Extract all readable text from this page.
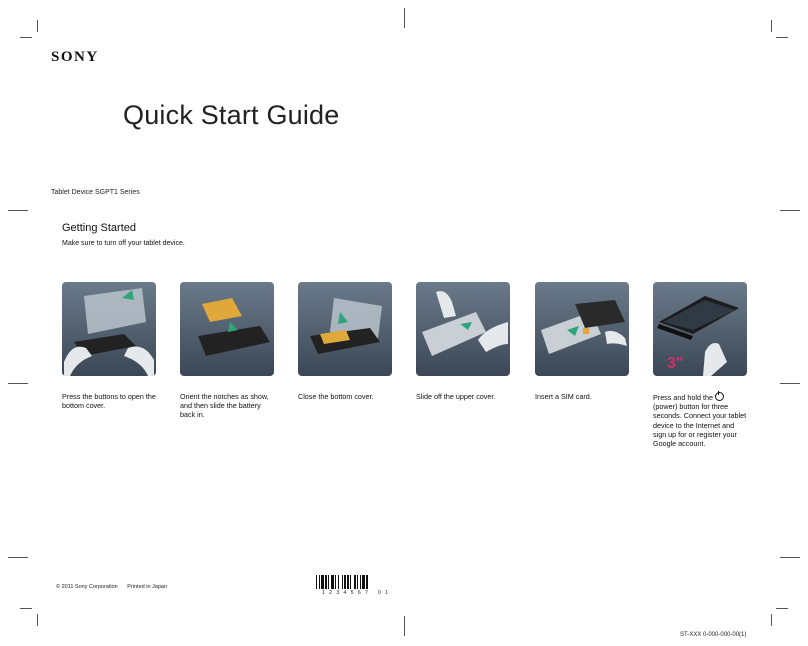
SONY
Quick Start Guide
Tablet Device SGPT1 Series
Getting Started
Make sure to turn off your tablet device.
Press the buttons to open the bottom cover.
Orient the notches as show, and then slide the battery back in.
Close the bottom cover.	Slide off the upper cover.	Insert a SIM card.
3"
Press and hold the
(power) button for three seconds. Connect your tablet device to the Internet and sign up for or register your Google account.
© 2011 Sony Corporation Printed in Japan
1234567 01
ST-XXX 0-000-000-00(1)
